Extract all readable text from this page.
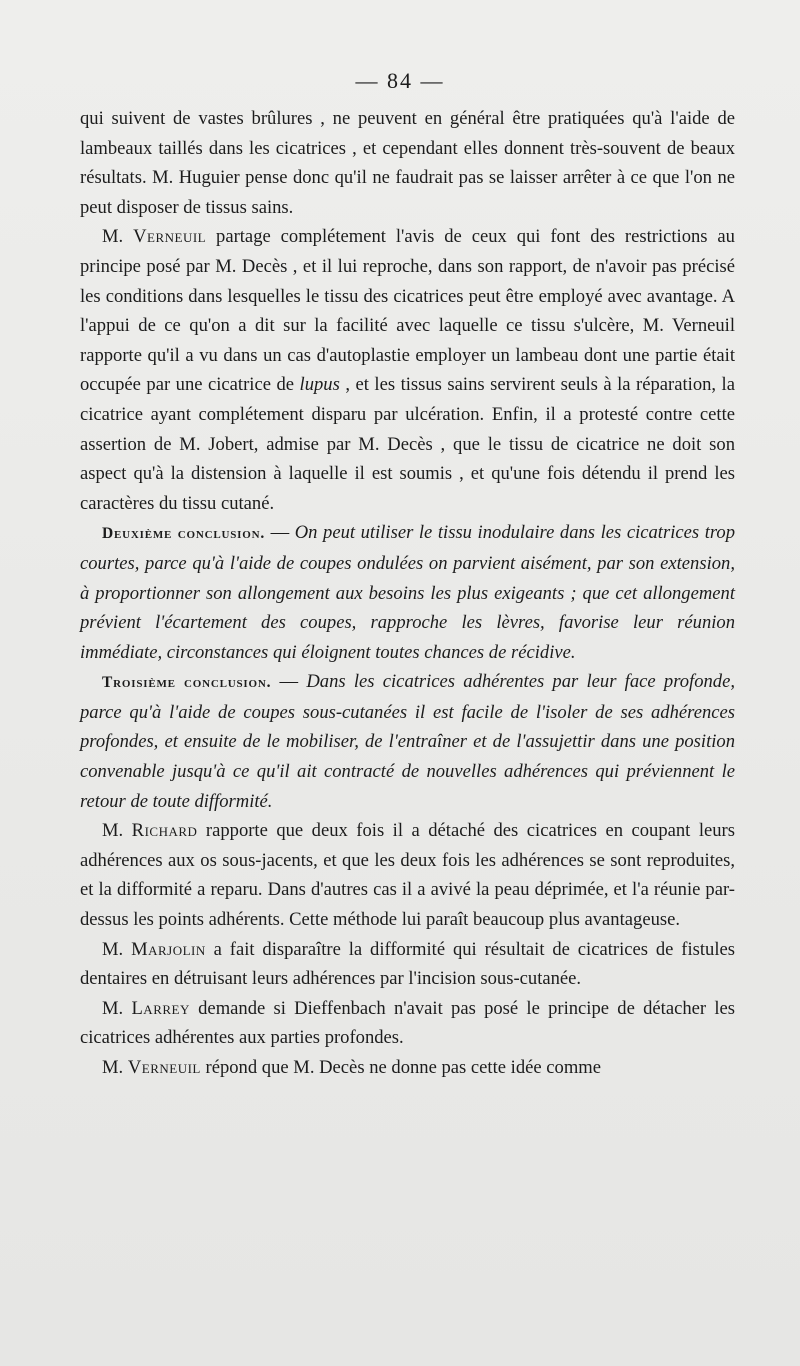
— 84 —

qui suivent de vastes brûlures , ne peuvent en général être pratiquées qu'à l'aide de lambeaux taillés dans les cicatrices , et cependant elles donnent très-souvent de beaux résultats. M. Huguier pense donc qu'il ne faudrait pas se laisser arrêter à ce que l'on ne peut disposer de tissus sains.

M. Verneuil partage complétement l'avis de ceux qui font des restrictions au principe posé par M. Decès , et il lui reproche, dans son rapport, de n'avoir pas précisé les conditions dans lesquelles le tissu des cicatrices peut être employé avec avantage. A l'appui de ce qu'on a dit sur la facilité avec laquelle ce tissu s'ulcère, M. Verneuil rapporte qu'il a vu dans un cas d'autoplastie employer un lambeau dont une partie était occupée par une cicatrice de lupus , et les tissus sains servirent seuls à la réparation, la cicatrice ayant complétement disparu par ulcération. Enfin, il a protesté contre cette assertion de M. Jobert, admise par M. Decès , que le tissu de cicatrice ne doit son aspect qu'à la distension à laquelle il est soumis , et qu'une fois détendu il prend les caractères du tissu cutané.

Deuxième conclusion. — On peut utiliser le tissu inodulaire dans les cicatrices trop courtes, parce qu'à l'aide de coupes ondulées on parvient aisément, par son extension, à proportionner son allongement aux besoins les plus exigeants ; que cet allongement prévient l'écartement des coupes, rapproche les lèvres, favorise leur réunion immédiate, circonstances qui éloignent toutes chances de récidive.

Troisième conclusion. — Dans les cicatrices adhérentes par leur face profonde, parce qu'à l'aide de coupes sous-cutanées il est facile de l'isoler de ses adhérences profondes, et ensuite de le mobiliser, de l'entraîner et de l'assujettir dans une position convenable jusqu'à ce qu'il ait contracté de nouvelles adhérences qui préviennent le retour de toute difformité.

M. Richard rapporte que deux fois il a détaché des cicatrices en coupant leurs adhérences aux os sous-jacents, et que les deux fois les adhérences se sont reproduites, et la difformité a reparu. Dans d'autres cas il a avivé la peau déprimée, et l'a réunie par-dessus les points adhérents. Cette méthode lui paraît beaucoup plus avantageuse.

M. Marjolin a fait disparaître la difformité qui résultait de cicatrices de fistules dentaires en détruisant leurs adhérences par l'incision sous-cutanée.

M. Larrey demande si Dieffenbach n'avait pas posé le principe de détacher les cicatrices adhérentes aux parties profondes.

M. Verneuil répond que M. Decès ne donne pas cette idée comme
